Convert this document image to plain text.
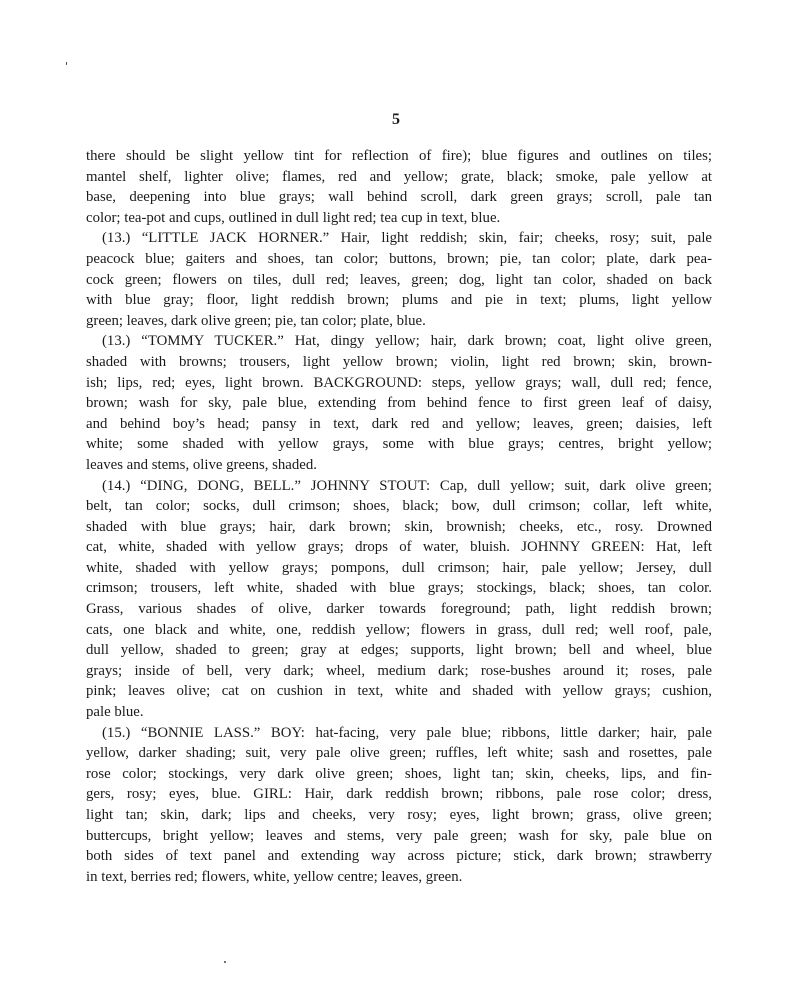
5
there should be slight yellow tint for reflection of fire); blue figures and outlines on tiles;
mantel shelf, lighter olive; flames, red and yellow; grate, black; smoke, pale yellow at
base, deepening into blue grays; wall behind scroll, dark green grays; scroll, pale tan
color; tea-pot and cups, outlined in dull light red; tea cup in text, blue.
(13.) “LITTLE JACK HORNER.” Hair, light reddish; skin, fair; cheeks, rosy; suit, pale
peacock blue; gaiters and shoes, tan color; buttons, brown; pie, tan color; plate, dark pea-
cock green; flowers on tiles, dull red; leaves, green; dog, light tan color, shaded on back
with blue gray; floor, light reddish brown; plums and pie in text; plums, light yellow
green; leaves, dark olive green; pie, tan color; plate, blue.
(13.) “TOMMY TUCKER.” Hat, dingy yellow; hair, dark brown; coat, light olive green,
shaded with browns; trousers, light yellow brown; violin, light red brown; skin, brown-
ish; lips, red; eyes, light brown. BACKGROUND: steps, yellow grays; wall, dull red; fence,
brown; wash for sky, pale blue, extending from behind fence to first green leaf of daisy,
and behind boy’s head; pansy in text, dark red and yellow; leaves, green; daisies, left
white; some shaded with yellow grays, some with blue grays; centres, bright yellow;
leaves and stems, olive greens, shaded.
(14.) “DING, DONG, BELL.” JOHNNY STOUT: Cap, dull yellow; suit, dark olive green;
belt, tan color; socks, dull crimson; shoes, black; bow, dull crimson; collar, left white,
shaded with blue grays; hair, dark brown; skin, brownish; cheeks, etc., rosy. Drowned
cat, white, shaded with yellow grays; drops of water, bluish. JOHNNY GREEN: Hat, left
white, shaded with yellow grays; pompons, dull crimson; hair, pale yellow; Jersey, dull
crimson; trousers, left white, shaded with blue grays; stockings, black; shoes, tan color.
Grass, various shades of olive, darker towards foreground; path, light reddish brown;
cats, one black and white, one, reddish yellow; flowers in grass, dull red; well roof, pale,
dull yellow, shaded to green; gray at edges; supports, light brown; bell and wheel, blue
grays; inside of bell, very dark; wheel, medium dark; rose-bushes around it; roses, pale
pink; leaves olive; cat on cushion in text, white and shaded with yellow grays; cushion,
pale blue.
(15.) “BONNIE LASS.” BOY: hat-facing, very pale blue; ribbons, little darker; hair, pale
yellow, darker shading; suit, very pale olive green; ruffles, left white; sash and rosettes, pale
rose color; stockings, very dark olive green; shoes, light tan; skin, cheeks, lips, and fin-
gers, rosy; eyes, blue. GIRL: Hair, dark reddish brown; ribbons, pale rose color; dress,
light tan; skin, dark; lips and cheeks, very rosy; eyes, light brown; grass, olive green;
buttercups, bright yellow; leaves and stems, very pale green; wash for sky, pale blue on
both sides of text panel and extending way across picture; stick, dark brown; strawberry
in text, berries red; flowers, white, yellow centre; leaves, green.
